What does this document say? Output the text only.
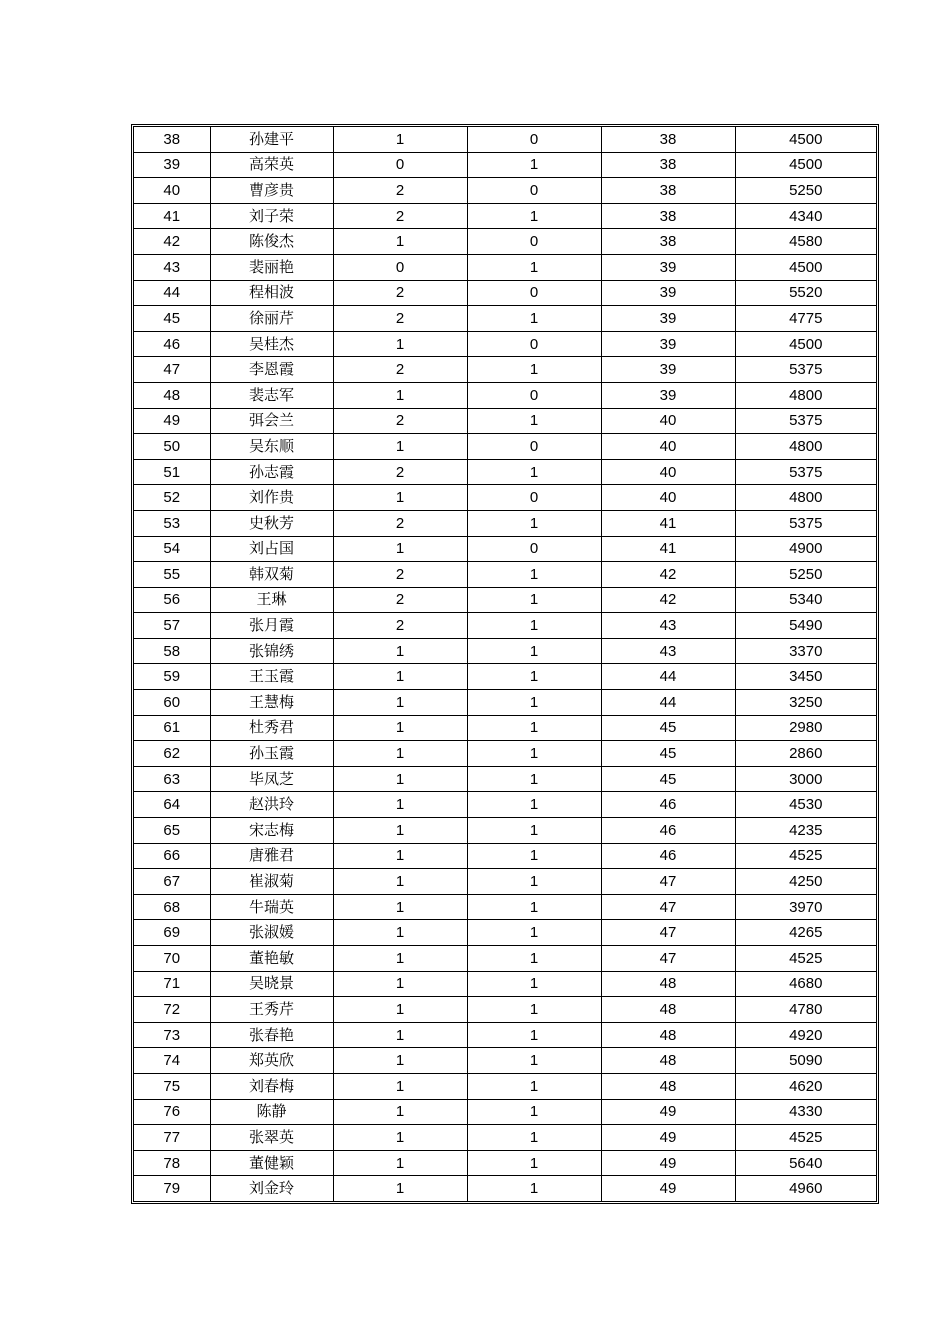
38	孙建平	1	0	38	4500
39	高荣英	0	1	38	4500
40	曹彦贵	2	0	38	5250
41	刘子荣	2	1	38	4340
42	陈俊杰	1	0	38	4580
43	裴丽艳	0	1	39	4500
44	程相波	2	0	39	5520
45	徐丽芹	2	1	39	4775
46	吴桂杰	1	0	39	4500
47	李恩霞	2	1	39	5375
48	裴志军	1	0	39	4800
49	弭会兰	2	1	40	5375
50	吴东顺	1	0	40	4800
51	孙志霞	2	1	40	5375
52	刘作贵	1	0	40	4800
53	史秋芳	2	1	41	5375
54	刘占国	1	0	41	4900
55	韩双菊	2	1	42	5250
56	王琳	2	1	42	5340
57	张月霞	2	1	43	5490
58	张锦绣	1	1	43	3370
59	王玉霞	1	1	44	3450
60	王慧梅	1	1	44	3250
61	杜秀君	1	1	45	2980
62	孙玉霞	1	1	45	2860
63	毕凤芝	1	1	45	3000
64	赵洪玲	1	1	46	4530
65	宋志梅	1	1	46	4235
66	唐雅君	1	1	46	4525
67	崔淑菊	1	1	47	4250
68	牛瑞英	1	1	47	3970
69	张淑媛	1	1	47	4265
70	董艳敏	1	1	47	4525
71	吴晓景	1	1	48	4680
72	王秀芹	1	1	48	4780
73	张春艳	1	1	48	4920
74	郑英欣	1	1	48	5090
75	刘春梅	1	1	48	4620
76	陈静	1	1	49	4330
77	张翠英	1	1	49	4525
78	董健颖	1	1	49	5640
79	刘金玲	1	1	49	4960
